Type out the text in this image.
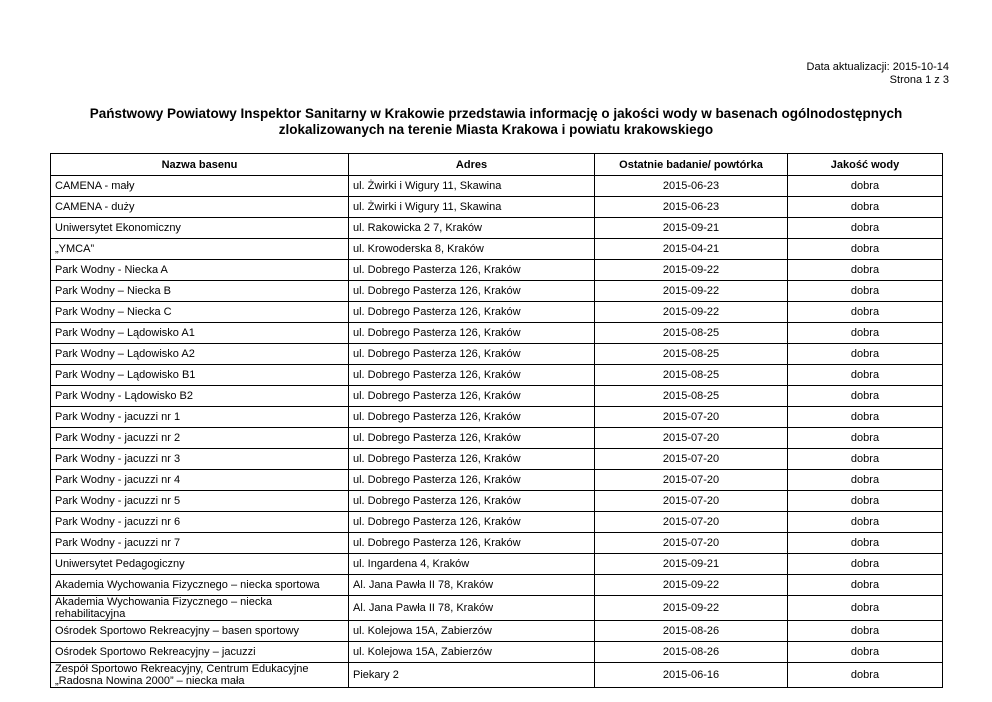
Data aktualizacji: 2015-10-14
Strona 1 z 3
Państwowy Powiatowy Inspektor Sanitarny w Krakowie przedstawia informację o jakości wody w basenach ogólnodostępnych
zlokalizowanych na terenie Miasta Krakowa i powiatu krakowskiego
Nazwa basenu	Adres	Ostatnie badanie/ powtórka	Jakość wody
CAMENA - mały	ul. Żwirki i Wigury 11, Skawina	2015-06-23	dobra
CAMENA - duży	ul. Żwirki i Wigury 11, Skawina	2015-06-23	dobra
Uniwersytet Ekonomiczny	ul. Rakowicka 2 7, Kraków	2015-09-21	dobra
„YMCA”	ul. Krowoderska 8, Kraków	2015-04-21	dobra
Park Wodny - Niecka A	ul. Dobrego Pasterza 126, Kraków	2015-09-22	dobra
Park Wodny – Niecka B	ul. Dobrego Pasterza 126, Kraków	2015-09-22	dobra
Park Wodny – Niecka C	ul. Dobrego Pasterza 126, Kraków	2015-09-22	dobra
Park Wodny – Lądowisko A1	ul. Dobrego Pasterza 126, Kraków	2015-08-25	dobra
Park Wodny – Lądowisko A2	ul. Dobrego Pasterza 126, Kraków	2015-08-25	dobra
Park Wodny – Lądowisko B1	ul. Dobrego Pasterza 126, Kraków	2015-08-25	dobra
Park Wodny - Lądowisko B2	ul. Dobrego Pasterza 126, Kraków	2015-08-25	dobra
Park Wodny - jacuzzi nr 1	ul. Dobrego Pasterza 126, Kraków	2015-07-20	dobra
Park Wodny - jacuzzi nr 2	ul. Dobrego Pasterza 126, Kraków	2015-07-20	dobra
Park Wodny - jacuzzi nr 3	ul. Dobrego Pasterza 126, Kraków	2015-07-20	dobra
Park Wodny - jacuzzi nr 4	ul. Dobrego Pasterza 126, Kraków	2015-07-20	dobra
Park Wodny - jacuzzi nr 5	ul. Dobrego Pasterza 126, Kraków	2015-07-20	dobra
Park Wodny - jacuzzi nr 6	ul. Dobrego Pasterza 126, Kraków	2015-07-20	dobra
Park Wodny - jacuzzi nr 7	ul. Dobrego Pasterza 126, Kraków	2015-07-20	dobra
Uniwersytet Pedagogiczny	ul. Ingardena 4, Kraków	2015-09-21	dobra
Akademia Wychowania Fizycznego – niecka sportowa	Al. Jana Pawła II 78, Kraków	2015-09-22	dobra
Akademia Wychowania Fizycznego – niecka rehabilitacyjna	Al. Jana Pawła II 78, Kraków	2015-09-22	dobra
Ośrodek Sportowo Rekreacyjny – basen sportowy	ul. Kolejowa 15A, Zabierzów	2015-08-26	dobra
Ośrodek Sportowo Rekreacyjny – jacuzzi	ul. Kolejowa 15A, Zabierzów	2015-08-26	dobra
Zespół Sportowo Rekreacyjny, Centrum Edukacyjne „Radosna Nowina 2000” – niecka mała	Piekary 2	2015-06-16	dobra
